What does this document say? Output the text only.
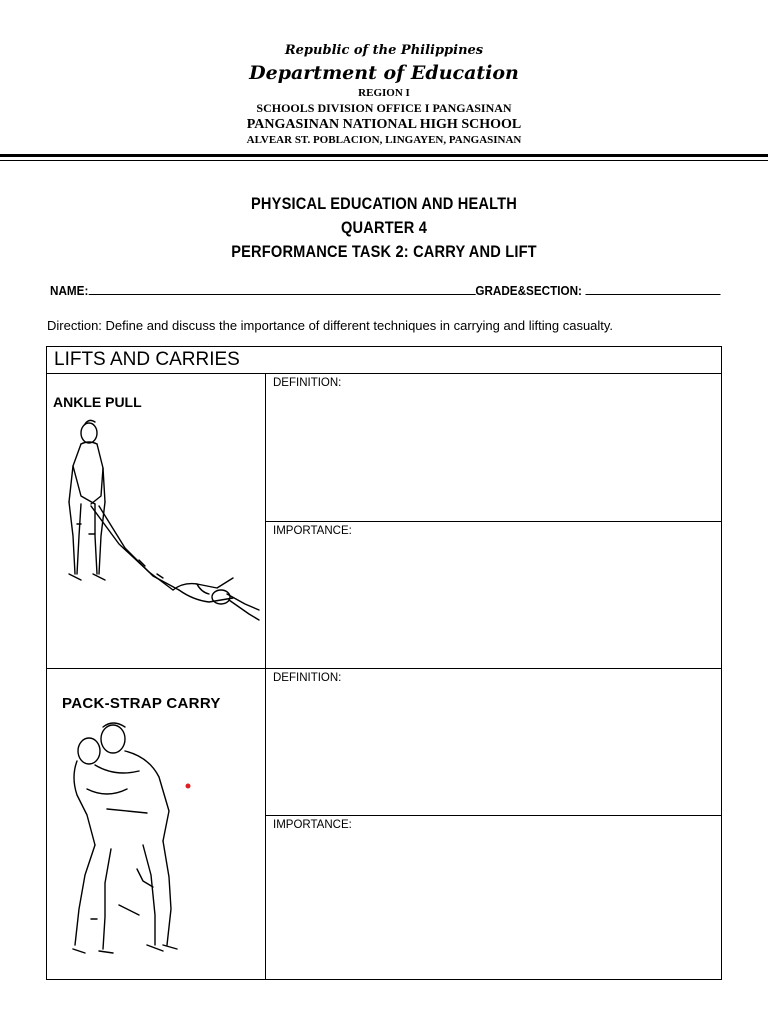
Republic of the Philippines
Department of Education
REGION I
SCHOOLS DIVISION OFFICE I PANGASINAN
PANGASINAN NATIONAL HIGH SCHOOL
ALVEAR ST. POBLACION, LINGAYEN, PANGASINAN
PHYSICAL EDUCATION AND HEALTH
QUARTER 4
PERFORMANCE TASK 2: CARRY AND LIFT
NAME:	GRADE&SECTION:
Direction: Define and discuss the importance of different techniques in carrying and lifting casualty.
LIFTS AND CARRIES	

ANKLE PULL	DEFINITION:
	IMPORTANCE:

PACK-STRAP CARRY	DEFINITION:
	IMPORTANCE:
